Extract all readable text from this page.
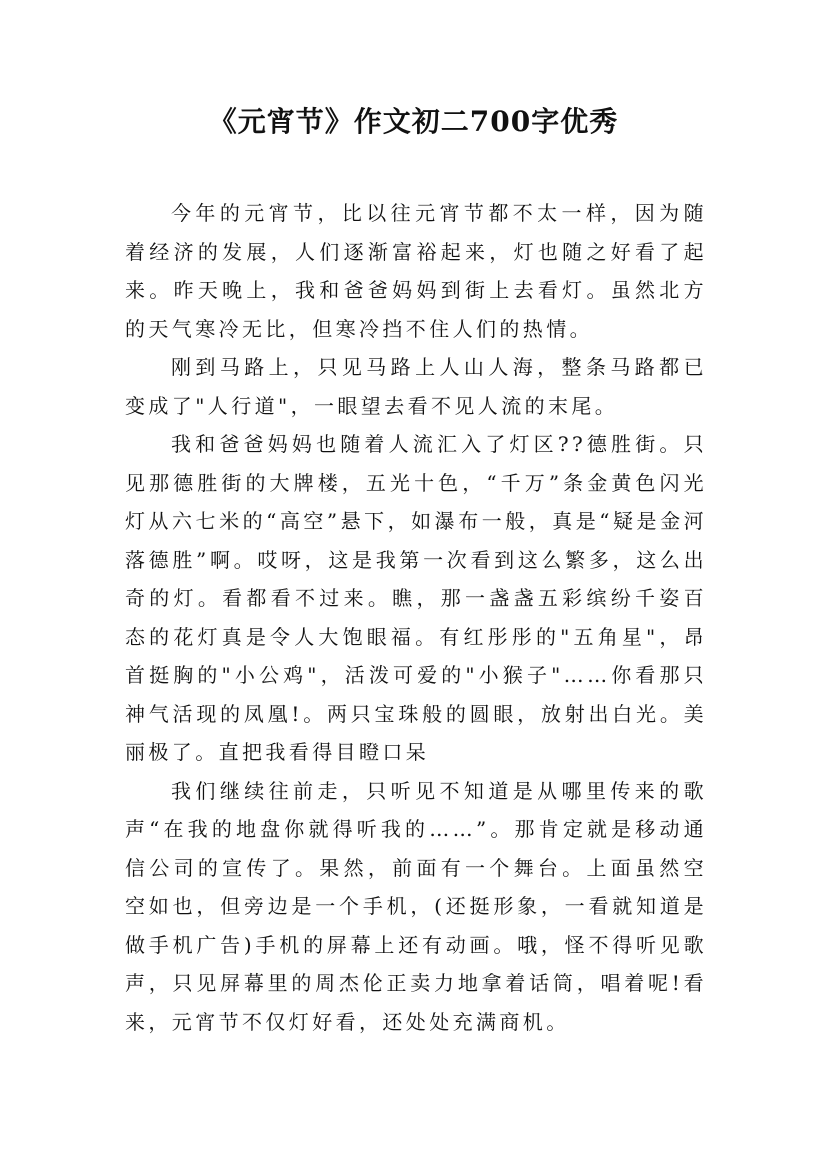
《元宵节》作文初二700字优秀

今年的元宵节，比以往元宵节都不太一样，因为随着经济的发展，人们逐渐富裕起来，灯也随之好看了起来。昨天晚上，我和爸爸妈妈到街上去看灯。虽然北方的天气寒冷无比，但寒冷挡不住人们的热情。

刚到马路上，只见马路上人山人海，整条马路都已变成了"人行道"，一眼望去看不见人流的末尾。

我和爸爸妈妈也随着人流汇入了灯区??德胜街。只见那德胜街的大牌楼，五光十色，“千万”条金黄色闪光灯从六七米的“高空”悬下，如瀑布一般，真是“疑是金河落德胜”啊。哎呀，这是我第一次看到这么繁多，这么出奇的灯。看都看不过来。瞧，那一盏盏五彩缤纷千姿百态的花灯真是令人大饱眼福。有红彤彤的"五角星"，昂首挺胸的"小公鸡"，活泼可爱的"小猴子"……你看那只神气活现的凤凰!。两只宝珠般的圆眼，放射出白光。美丽极了。直把我看得目瞪口呆

我们继续往前走，只听见不知道是从哪里传来的歌声“在我的地盘你就得听我的……”。那肯定就是移动通信公司的宣传了。果然，前面有一个舞台。上面虽然空空如也，但旁边是一个手机，(还挺形象，一看就知道是做手机广告)手机的屏幕上还有动画。哦，怪不得听见歌声，只见屏幕里的周杰伦正卖力地拿着话筒，唱着呢!看来，元宵节不仅灯好看，还处处充满商机。
